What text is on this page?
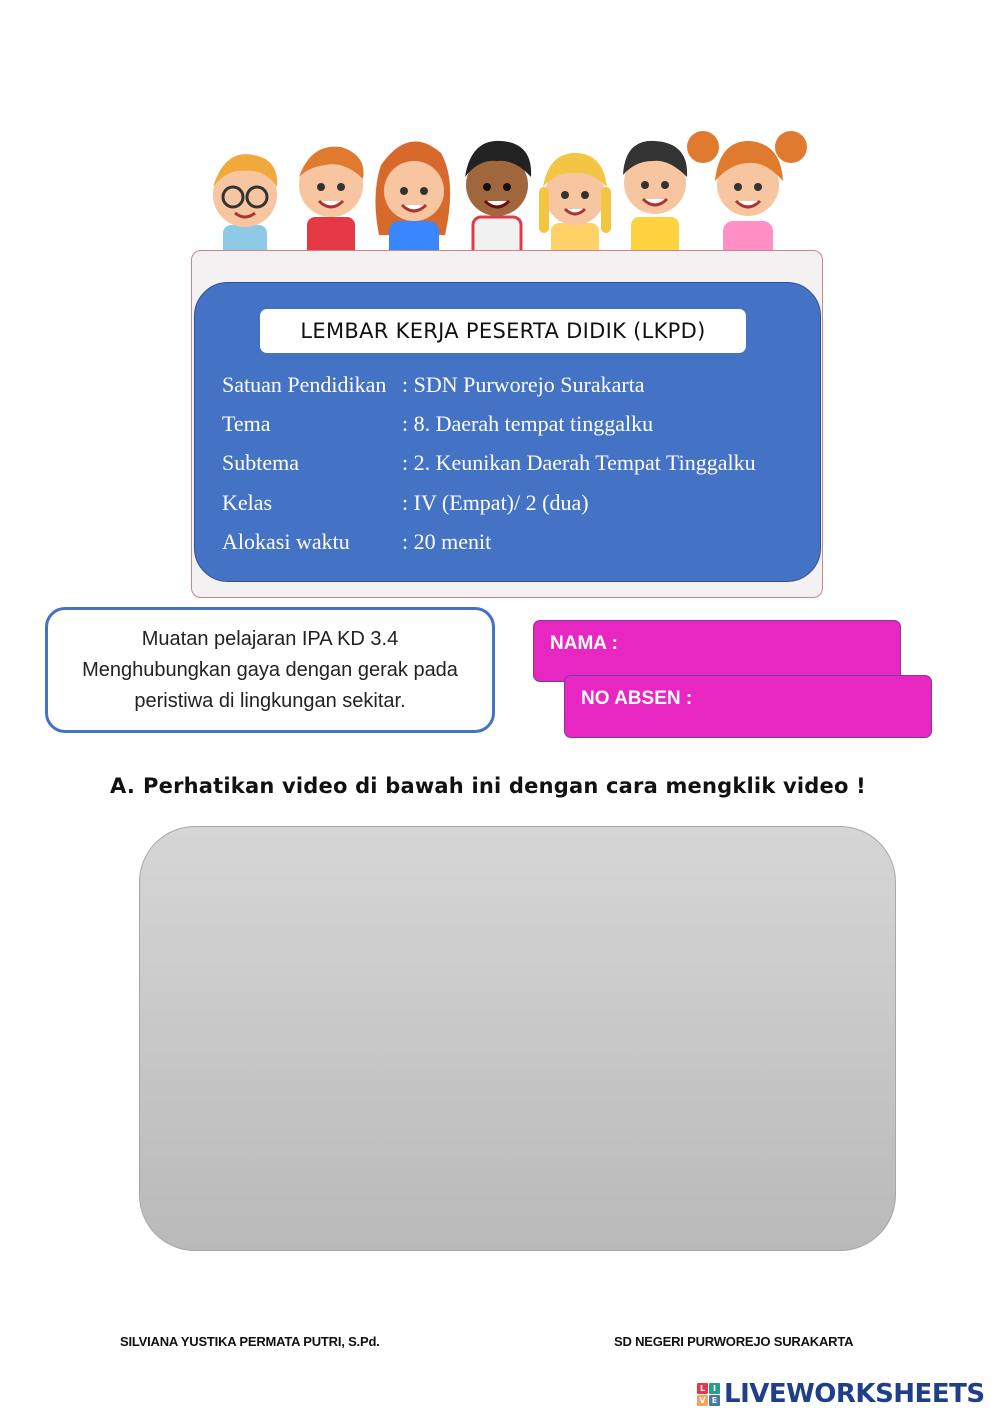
LEMBAR KERJA PESERTA DIDIK (LKPD)
Satuan Pendidikan : SDN Purworejo Surakarta
Tema	: 8. Daerah tempat tinggalku
Subtema	: 2. Keunikan Daerah Tempat Tinggalku
Kelas	: IV (Empat)/ 2 (dua)
Alokasi waktu : 20 menit
Muatan pelajaran IPA KD 3.4
Menghubungkan gaya dengan gerak pada
peristiwa di lingkungan sekitar.
NAMA :
NO ABSEN :
A. Perhatikan video di bawah ini dengan cara mengklik video !
SILVIANA YUSTIKA PERMATA PUTRI, S.Pd.	SD NEGERI PURWOREJO SURAKARTA
L I
V E LIVEWORKSHEETS
